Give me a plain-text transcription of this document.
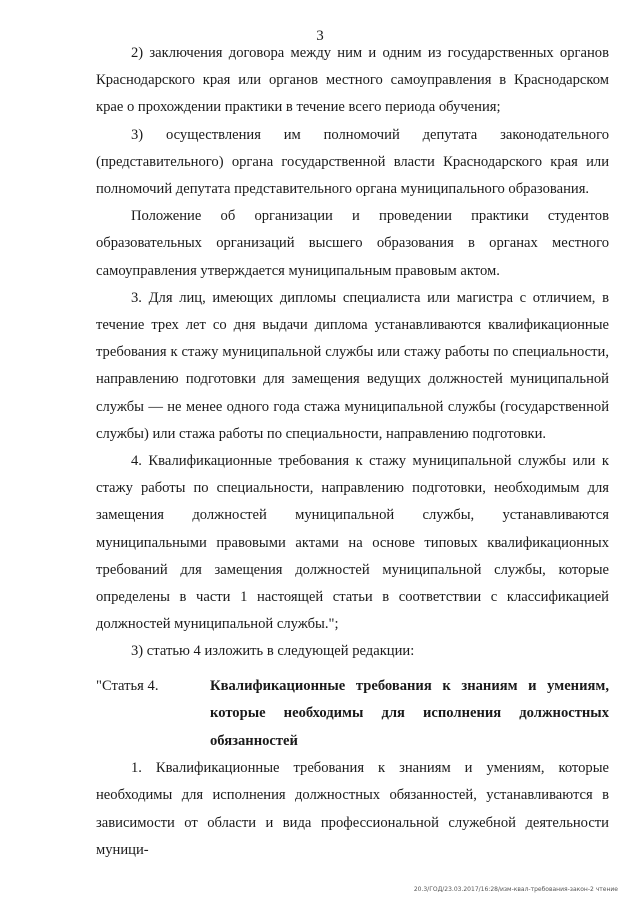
3

2) заключения договора между ним и одним из государственных органов Краснодарского края или органов местного самоуправления в Краснодарском крае о прохождении практики в течение всего периода обучения;

3) осуществления им полномочий депутата законодательного (представительного) органа государственной власти Краснодарского края или полномочий депутата представительного органа муниципального образования.

Положение об организации и проведении практики студентов образовательных организаций высшего образования в органах местного самоуправления утверждается муниципальным правовым актом.

3. Для лиц, имеющих дипломы специалиста или магистра с отличием, в течение трех лет со дня выдачи диплома устанавливаются квалификационные требования к стажу муниципальной службы или стажу работы по специальности, направлению подготовки для замещения ведущих должностей муниципальной службы — не менее одного года стажа муниципальной службы (государственной службы) или стажа работы по специальности, направлению подготовки.

4. Квалификационные требования к стажу муниципальной службы или к стажу работы по специальности, направлению подготовки, необходимым для замещения должностей муниципальной службы, устанавливаются муниципальными правовыми актами на основе типовых квалификационных требований для замещения должностей муниципальной службы, которые определены в части 1 настоящей статьи в соответствии с классификацией должностей муниципальной службы.";

3) статью 4 изложить в следующей редакции:

"Статья 4.	Квалификационные требования к знаниям и умениям, которые необходимы для исполнения должностных обязанностей

1. Квалификационные требования к знаниям и умениям, которые необходимы для исполнения должностных обязанностей, устанавливаются в зависимости от области и вида профессиональной служебной деятельности муници-

20.3/ГОД/23.03.2017/16:28/изм-квал-требования-закон-2 чтение
